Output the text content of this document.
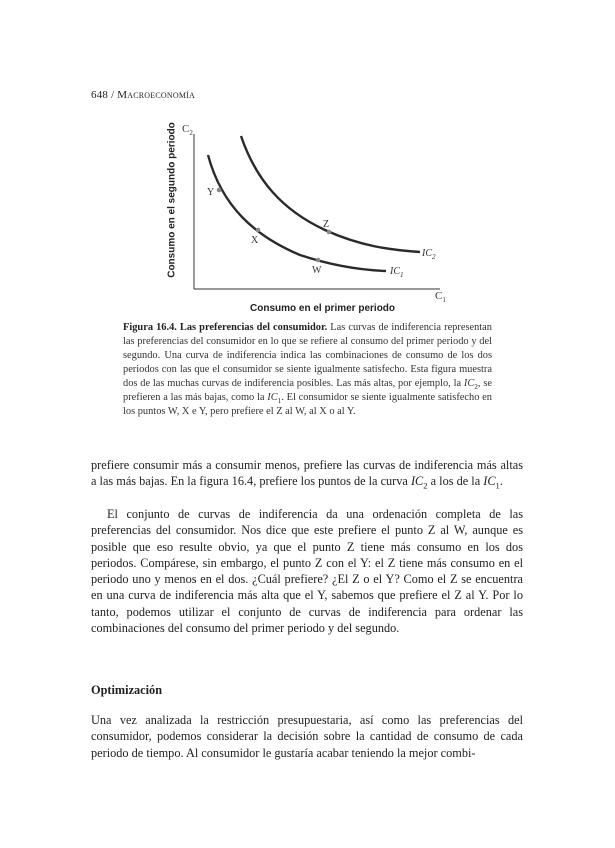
648 / Macroeconomía
$C_2$
$C_1$
$IC_1$
$IC_2$
Y
X
W
Z
Consumo en el segundo periodo
Consumo en el primer periodo
Figura 16.4. Las preferencias del consumidor. Las curvas de indiferencia representan las preferencias del consumidor en lo que se refiere al consumo del primer periodo y del segundo. Una curva de indiferencia indica las combinaciones de consumo de los dos periodos con las que el consumidor se siente igualmente satisfecho. Esta figura muestra dos de las muchas curvas de indiferencia posibles. Las más altas, por ejemplo, la $IC_2$, se prefieren a las más bajas, como la $IC_1$. El consumidor se siente igualmente satisfecho en los puntos W, X e Y, pero prefiere el Z al W, al X o al Y.
prefiere consumir más a consumir menos, prefiere las curvas de indiferencia más altas a las más bajas. En la figura 16.4, prefiere los puntos de la curva $IC_2$ a los de la $IC_1$.
El conjunto de curvas de indiferencia da una ordenación completa de las preferencias del consumidor. Nos dice que este prefiere el punto Z al W, aunque es posible que eso resulte obvio, ya que el punto Z tiene más consumo en los dos periodos. Compárese, sin embargo, el punto Z con el Y: el Z tiene más consumo en el periodo uno y menos en el dos. ¿Cuál prefiere? ¿El Z o el Y? Como el Z se encuentra en una curva de indiferencia más alta que el Y, sabemos que prefiere el Z al Y. Por lo tanto, podemos utilizar el conjunto de curvas de indiferencia para ordenar las combinaciones del consumo del primer periodo y del segundo.
Optimización
Una vez analizada la restricción presupuestaria, así como las preferencias del consumidor, podemos considerar la decisión sobre la cantidad de consumo de cada periodo de tiempo. Al consumidor le gustaría acabar teniendo la mejor combi-
